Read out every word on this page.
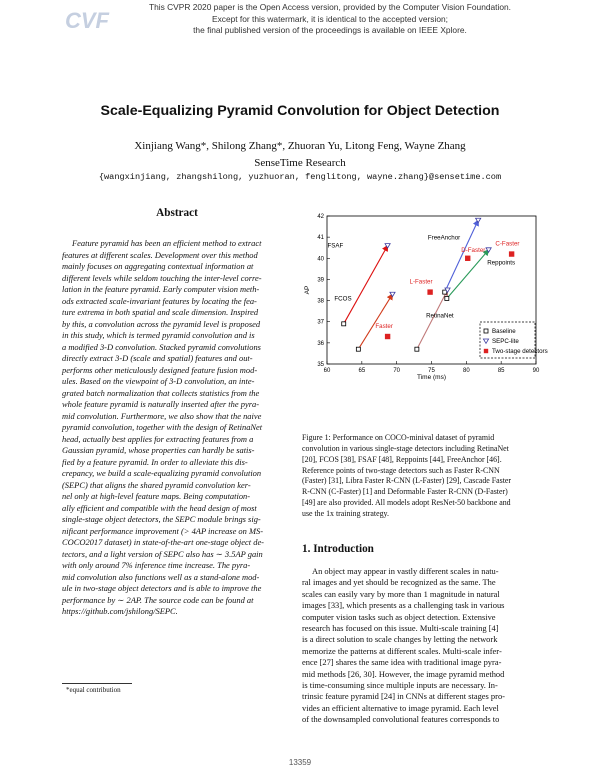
CVF
This CVPR 2020 paper is the Open Access version, provided by the Computer Vision Foundation.
Except for this watermark, it is identical to the accepted version;
the final published version of the proceedings is available on IEEE Xplore.
Scale-Equalizing Pyramid Convolution for Object Detection
Xinjiang Wang*, Shilong Zhang*, Zhuoran Yu, Litong Feng, Wayne Zhang
SenseTime Research
{wangxinjiang, zhangshilong, yuzhuoran, fenglitong, wayne.zhang}@sensetime.com
Abstract
Feature pyramid has been an efficient method to extract
features at different scales. Development over this method
mainly focuses on aggregating contextual information at
different levels while seldom touching the inter-level corre-
lation in the feature pyramid. Early computer vision meth-
ods extracted scale-invariant features by locating the fea-
ture extrema in both spatial and scale dimension. Inspired
by this, a convolution across the pyramid level is proposed
in this study, which is termed pyramid convolution and is
a modified 3-D convolution. Stacked pyramid convolutions
directly extract 3-D (scale and spatial) features and out-
performs other meticulously designed feature fusion mod-
ules. Based on the viewpoint of 3-D convolution, an inte-
grated batch normalization that collects statistics from the
whole feature pyramid is naturally inserted after the pyra-
mid convolution. Furthermore, we also show that the naive
pyramid convolution, together with the design of RetinaNet
head, actually best applies for extracting features from a
Gaussian pyramid, whose properties can hardly be satis-
fied by a feature pyramid. In order to alleviate this dis-
crepancy, we build a scale-equalizing pyramid convolution
(SEPC) that aligns the shared pyramid convolution ker-
nel only at high-level feature maps. Being computation-
ally efficient and compatible with the head design of most
single-stage object detectors, the SEPC module brings sig-
nificant performance improvement (> 4AP increase on MS-
COCO2017 dataset) in state-of-the-art one-stage object de-
tectors, and a light version of SEPC also has ∼ 3.5AP gain
with only around 7% inference time increase. The pyra-
mid convolution also functions well as a stand-alone mod-
ule in two-stage object detectors and is able to improve the
performance by ∼ 2AP. The source code can be found at
https://github.com/jshilong/SEPC.
*equal contribution
60	65	70	75	80	85	90
35
36
37
38
39
40
41
42
Time (ms)
AP
FSAF
FCOS
RetinaNet
FreeAnchor
Reppoints
Faster
L-Faster
D-Faster
C-Faster
Baseline
SEPC-lite
Two-stage detectors
Figure 1: Performance on COCO-minival dataset of pyramid
convolution in various single-stage detectors including RetinaNet
[20], FCOS [38], FSAF [48], Reppoints [44], FreeAnchor [46].
Reference points of two-stage detectors such as Faster R-CNN
(Faster) [31], Libra Faster R-CNN (L-Faster) [29], Cascade Faster
R-CNN (C-Faster) [1] and Deformable Faster R-CNN (D-Faster)
[49] are also provided. All models adopt ResNet-50 backbone and
use the 1x training strategy.
1. Introduction
An object may appear in vastly different scales in natu-
ral images and yet should be recognized as the same. The
scales can easily vary by more than 1 magnitude in natural
images [33], which presents as a challenging task in various
computer vision tasks such as object detection. Extensive
research has focused on this issue. Multi-scale training [4]
is a direct solution to scale changes by letting the network
memorize the patterns at different scales. Multi-scale infer-
ence [27] shares the same idea with traditional image pyra-
mid methods [26, 30]. However, the image pyramid method
is time-consuming since multiple inputs are necessary. In-
trinsic feature pyramid [24] in CNNs at different stages pro-
vides an efficient alternative to image pyramid. Each level
of the downsampled convolutional features corresponds to
13359
